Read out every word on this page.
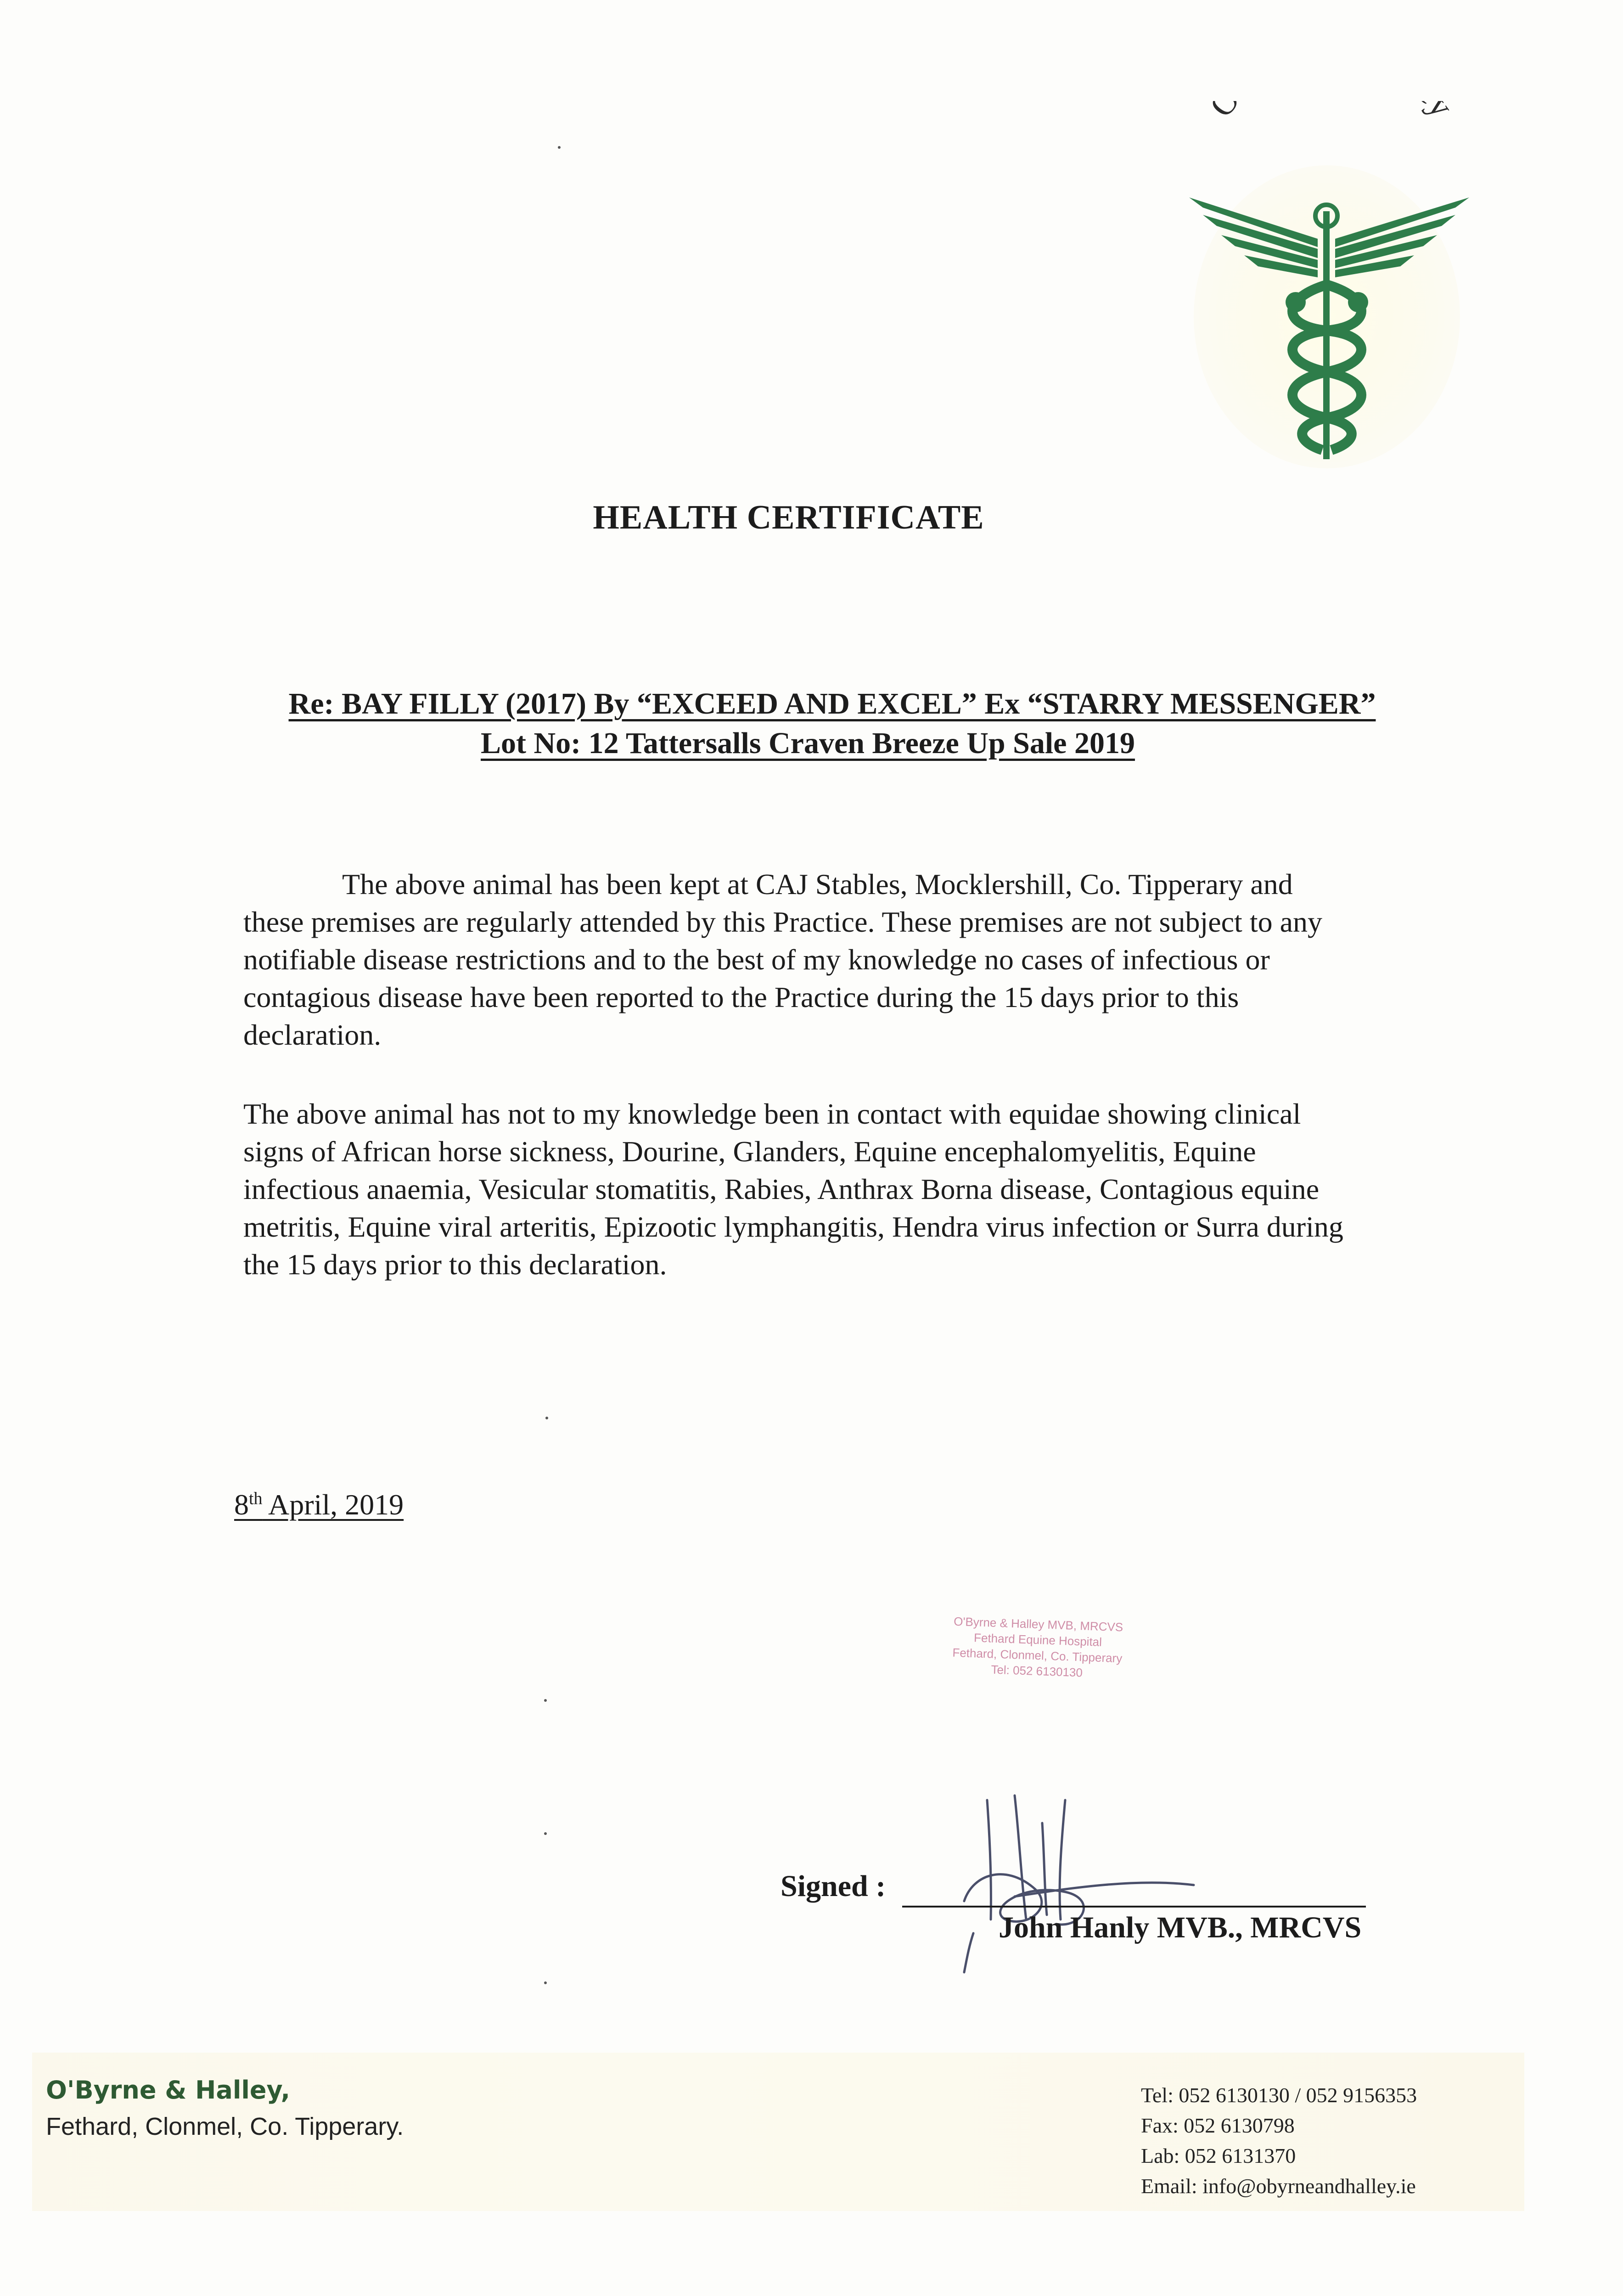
O y
HEALTH CERTIFICATE
Re: BAY FILLY (2017) By “EXCEED AND EXCEL” Ex “STARRY MESSENGER”
Lot No: 12 Tattersalls Craven Breeze Up Sale 2019
The above animal has been kept at CAJ Stables, Mocklershill, Co. Tipperary and these premises are regularly attended by this Practice. These premises are not subject to any notifiable disease restrictions and to the best of my knowledge no cases of infectious or contagious disease have been reported to the Practice during the 15 days prior to this declaration.
The above animal has not to my knowledge been in contact with equidae showing clinical signs of African horse sickness, Dourine, Glanders, Equine encephalomyelitis, Equine infectious anaemia, Vesicular stomatitis, Rabies, Anthrax Borna disease, Contagious equine metritis, Equine viral arteritis, Epizootic lymphangitis, Hendra virus infection or Surra during the 15 days prior to this declaration.
8th April, 2019
O'Byrne & Halley MVB, MRCVS
Fethard Equine Hospital
Fethard, Clonmel, Co. Tipperary
Tel: 052 6130130
Signed :
John Hanly MVB., MRCVS
O'Byrne & Halley,
Fethard, Clonmel, Co. Tipperary.
Tel: 052 6130130 / 052 9156353
Fax: 052 6130798
Lab: 052 6131370
Email: info@obyrneandhalley.ie
